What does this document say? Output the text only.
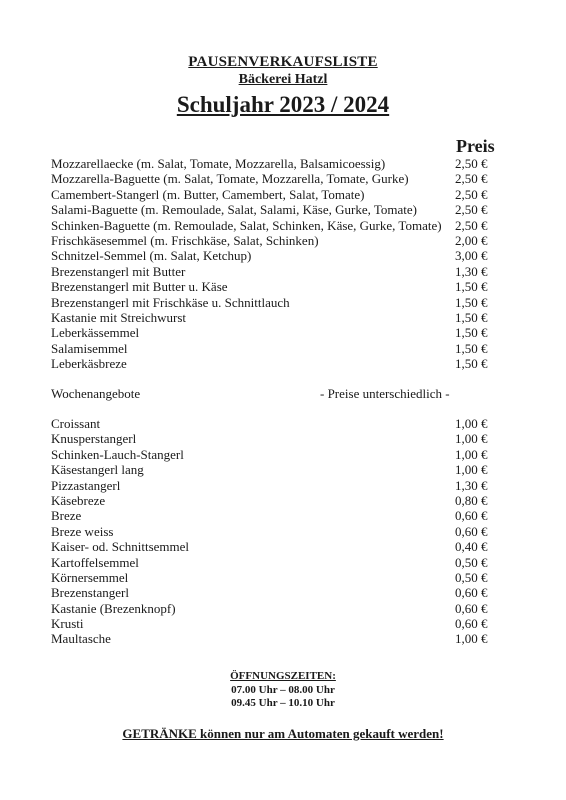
PAUSENVERKAUFSLISTE
Bäckerei Hatzl
Schuljahr 2023 / 2024
Preis
Mozzarellaecke (m. Salat, Tomate, Mozzarella, Balsamicoessig)	2,50 €
Mozzarella-Baguette (m. Salat, Tomate, Mozzarella, Tomate, Gurke)	2,50 €
Camembert-Stangerl (m. Butter, Camembert, Salat, Tomate)	2,50 €
Salami-Baguette (m. Remoulade, Salat, Salami, Käse, Gurke, Tomate)	2,50 €
Schinken-Baguette (m. Remoulade, Salat, Schinken, Käse, Gurke, Tomate) 2,50 €
Frischkäsesemmel (m. Frischkäse, Salat, Schinken)	2,00 €
Schnitzel-Semmel (m. Salat, Ketchup)	3,00 €
Brezenstangerl mit Butter	1,30 €
Brezenstangerl mit Butter u. Käse	1,50 €
Brezenstangerl mit Frischkäse u. Schnittlauch	1,50 €
Kastanie mit Streichwurst	1,50 €
Leberkässemmel	1,50 €
Salamisemmel	1,50 €
Leberkäsbreze	1,50 €
Wochenangebote	- Preise unterschiedlich -
Croissant	1,00 €
Knusperstangerl	1,00 €
Schinken-Lauch-Stangerl	1,00 €
Käsestangerl lang	1,00 €
Pizzastangerl	1,30 €
Käsebreze	0,80 €
Breze	0,60 €
Breze weiss	0,60 €
Kaiser- od. Schnittsemmel	0,40 €
Kartoffelsemmel	0,50 €
Körnersemmel	0,50 €
Brezenstangerl	0,60 €
Kastanie (Brezenknopf)	0,60 €
Krusti	0,60 €
Maultasche	1,00 €
ÖFFNUNGSZEITEN:
07.00 Uhr – 08.00 Uhr
09.45 Uhr – 10.10 Uhr
GETRÄNKE können nur am Automaten gekauft werden!
